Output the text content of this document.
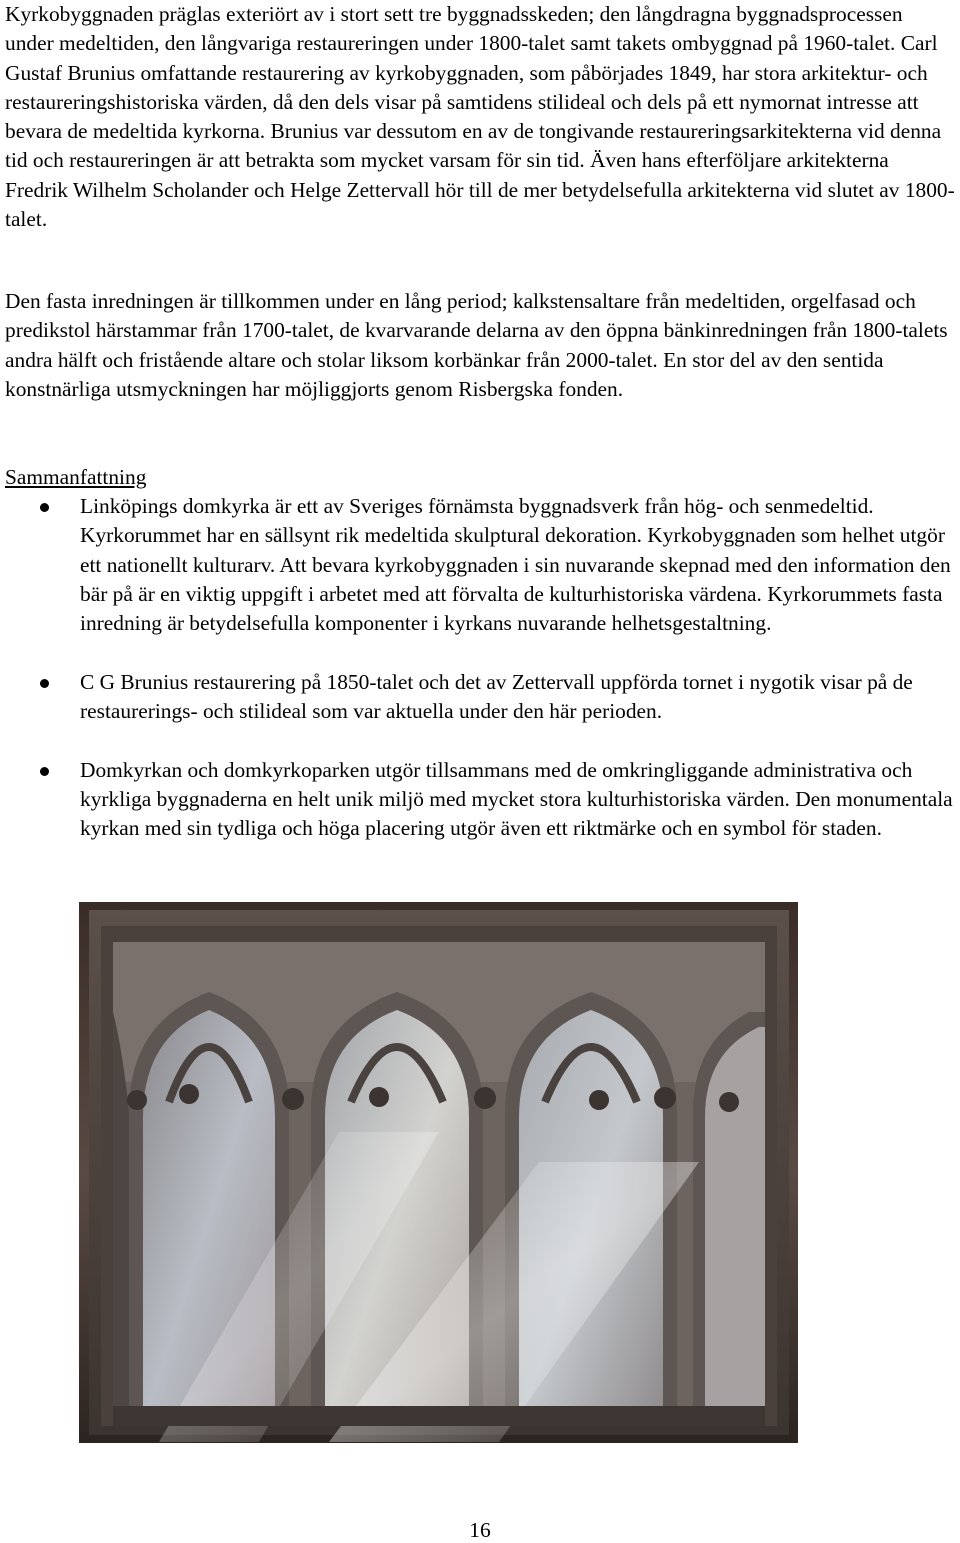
Kyrkobyggnaden präglas exteriört av i stort sett tre byggnadsskeden; den långdragna byggnadsprocessen under medeltiden, den långvariga restaureringen under 1800-talet samt takets ombyggnad på 1960-talet. Carl Gustaf Brunius omfattande restaurering av kyrkobyggnaden, som påbörjades 1849, har stora arkitektur- och restaureringshistoriska värden, då den dels visar på samtidens stilideal och dels på ett nymornat intresse att bevara de medeltida kyrkorna. Brunius var dessutom en av de tongivande restaureringsarkitekterna vid denna tid och restaureringen är att betrakta som mycket varsam för sin tid. Även hans efterföljare arkitekterna Fredrik Wilhelm Scholander och Helge Zettervall hör till de mer betydelsefulla arkitekterna vid slutet av 1800-talet.

Den fasta inredningen är tillkommen under en lång period; kalkstensaltare från medeltiden, orgelfasad och predikstol härstammar från 1700-talet, de kvarvarande delarna av den öppna bänkinredningen från 1800-talets andra hälft och fristående altare och stolar liksom korbänkar från 2000-talet. En stor del av den sentida konstnärliga utsmyckningen har möjliggjorts genom Risbergska fonden.

Sammanfattning

Linköpings domkyrka är ett av Sveriges förnämsta byggnadsverk från hög- och senmedeltid. Kyrkorummet har en sällsynt rik medeltida skulptural dekoration. Kyrkobyggnaden som helhet utgör ett nationellt kulturarv. Att bevara kyrkobyggnaden i sin nuvarande skepnad med den information den bär på är en viktig uppgift i arbetet med att förvalta de kulturhistoriska värdena. Kyrkorummets fasta inredning är betydelsefulla komponenter i kyrkans nuvarande helhetsgestaltning.
C G Brunius restaurering på 1850-talet och det av Zettervall uppförda tornet i nygotik visar på de restaurerings- och stilideal som var aktuella under den här perioden.
Domkyrkan och domkyrkoparken utgör tillsammans med de omkringliggande administrativa och kyrkliga byggnaderna en helt unik miljö med mycket stora kulturhistoriska värden. Den monumentala kyrkan med sin tydliga och höga placering utgör även ett riktmärke och en symbol för staden.
16
